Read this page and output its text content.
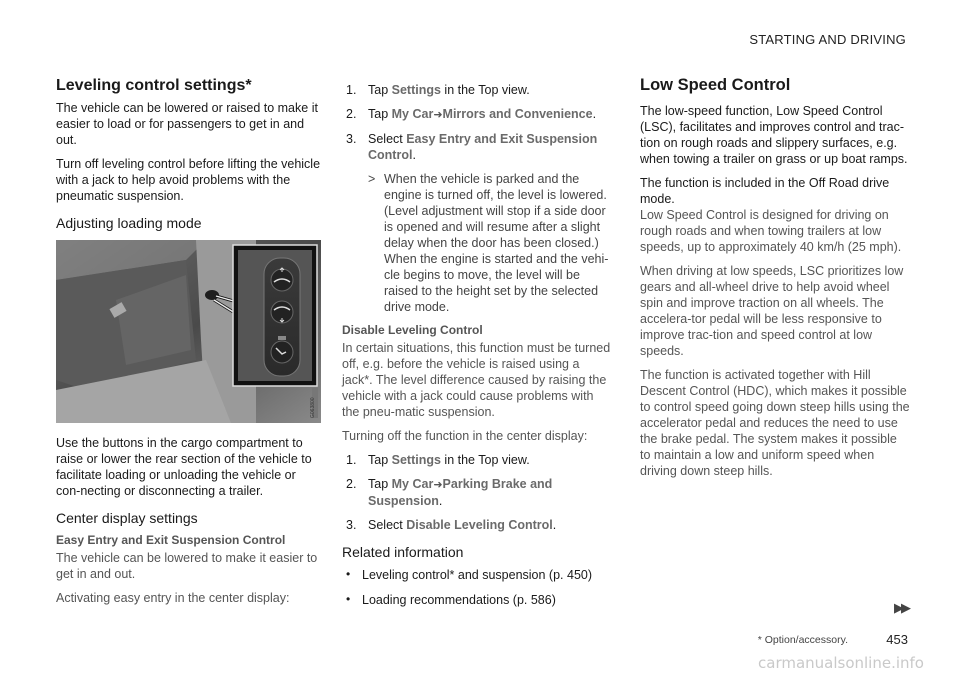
STARTING AND DRIVING
Leveling control settings*

The vehicle can be lowered or raised to make it easier to load or for passengers to get in and out.

Turn off leveling control before lifting the vehicle with a jack to help avoid problems with the pneumatic suspension.

Adjusting loading mode
G063800

Use the buttons in the cargo compartment to raise or lower the rear section of the vehicle to facilitate loading or unloading the vehicle or con-necting or disconnecting a trailer.

Center display settings
Easy Entry and Exit Suspension Control

The vehicle can be lowered to make it easier to get in and out.

Activating easy entry in the center display:

1. Tap Settings in the Top view.
2. Tap My Car➜Mirrors and Convenience.
3. Select Easy Entry and Exit Suspension Control.
> When the vehicle is parked and the engine is turned off, the level is lowered. (Level adjustment will stop if a side door is opened and will resume after a slight delay when the door has been closed.) When the engine is started and the vehi-cle begins to move, the level will be raised to the height set by the selected drive mode.
Disable Leveling Control

In certain situations, this function must be turned off, e.g. before the vehicle is raised using a jack*. The level difference caused by raising the vehicle with a jack could cause problems with the pneu-matic suspension.

Turning off the function in the center display:

1. Tap Settings in the Top view.
2. Tap My Car➜Parking Brake and Suspension.
3. Select Disable Leveling Control.
Related information
• Leveling control* and suspension (p. 450)
• Loading recommendations (p. 586)
Low Speed Control

The low-speed function, Low Speed Control (LSC), facilitates and improves control and trac-tion on rough roads and slippery surfaces, e.g. when towing a trailer on grass or up boat ramps.

The function is included in the Off Road drive mode.

Low Speed Control is designed for driving on rough roads and when towing trailers at low speeds, up to approximately 40 km/h (25 mph).

When driving at low speeds, LSC prioritizes low gears and all-wheel drive to help avoid wheel spin and improve traction on all wheels. The accelera-tor pedal will be less responsive to improve trac-tion and speed control at low speeds.

The function is activated together with Hill Descent Control (HDC), which makes it possible to control speed going down steep hills using the accelerator pedal and reduces the need to use the brake pedal. The system makes it possible to maintain a low and uniform speed when driving down steep hills.

▶▶
* Option/accessory.	453
carmanualsonline.info
